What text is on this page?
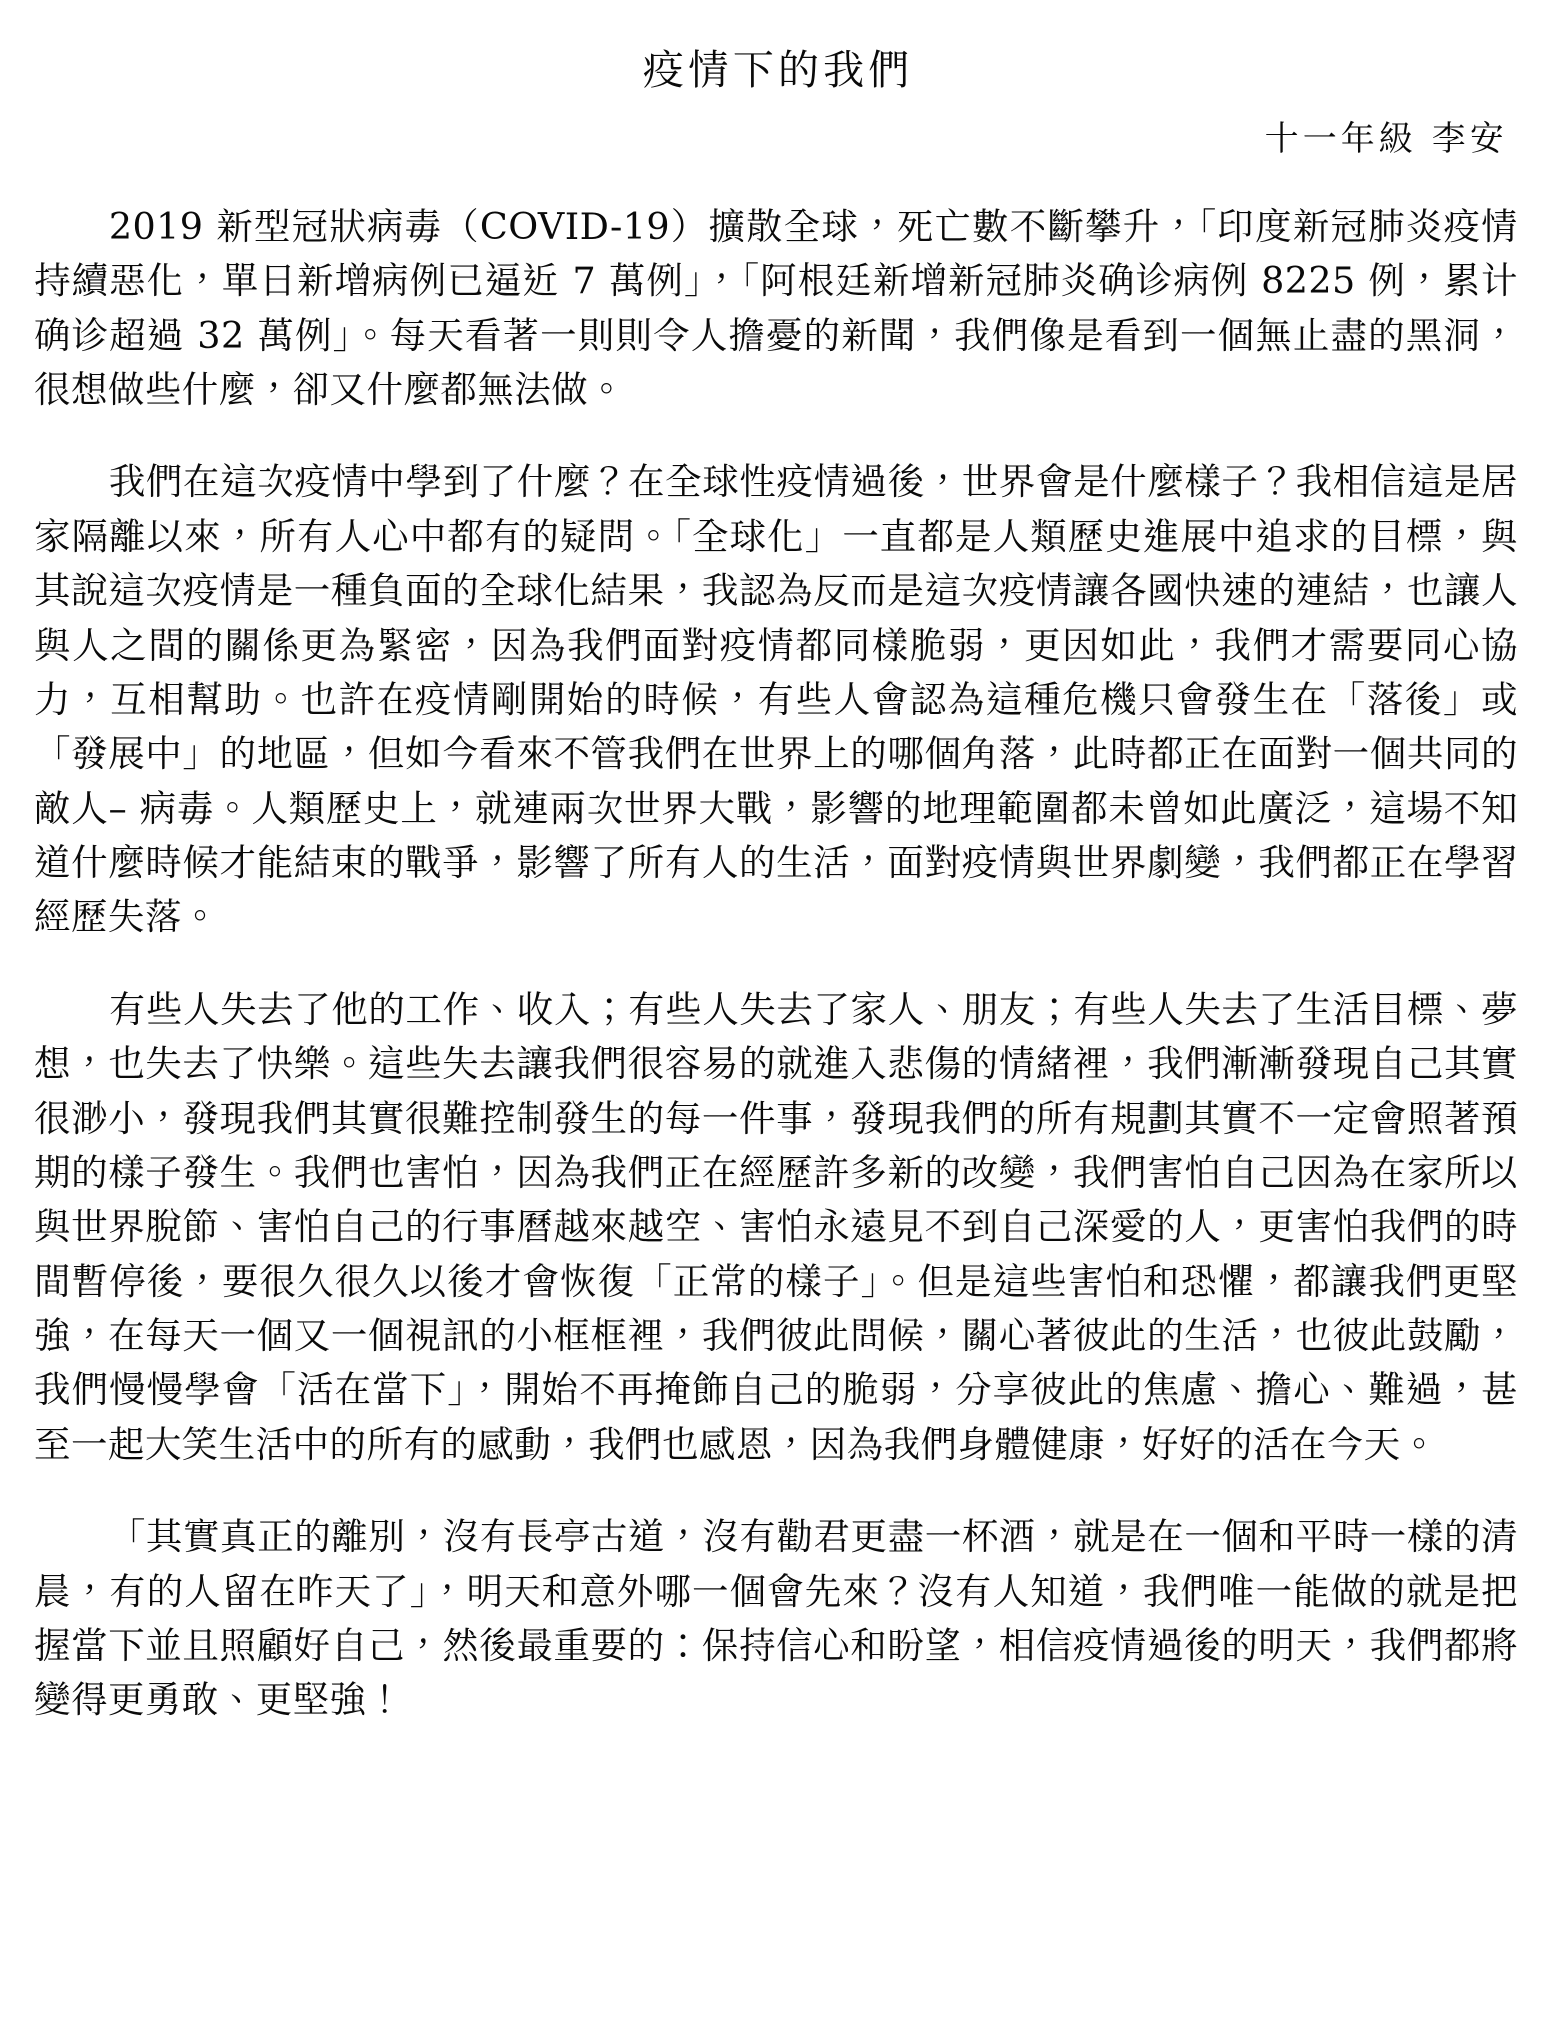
疫情下的我們
十一年級 李安

2019 新型冠狀病毒（COVID-19）擴散全球，死亡數不斷攀升，「印度新冠肺炎疫情持續惡化，單日新增病例已逼近 7 萬例」，「阿根廷新增新冠肺炎确诊病例 8225 例，累计确诊超過 32 萬例」。每天看著一則則令人擔憂的新聞，我們像是看到一個無止盡的黑洞，很想做些什麼，卻又什麼都無法做。

我們在這次疫情中學到了什麼？在全球性疫情過後，世界會是什麼樣子？我相信這是居家隔離以來，所有人心中都有的疑問。「全球化」一直都是人類歷史進展中追求的目標，與其說這次疫情是一種負面的全球化結果，我認為反而是這次疫情讓各國快速的連結，也讓人與人之間的關係更為緊密，因為我們面對疫情都同樣脆弱，更因如此，我們才需要同心協力，互相幫助。也許在疫情剛開始的時候，有些人會認為這種危機只會發生在「落後」或「發展中」的地區，但如今看來不管我們在世界上的哪個角落，此時都正在面對一個共同的敵人– 病毒。人類歷史上，就連兩次世界大戰，影響的地理範圍都未曾如此廣泛，這場不知道什麼時候才能結束的戰爭，影響了所有人的生活，面對疫情與世界劇變，我們都正在學習經歷失落。

有些人失去了他的工作、收入；有些人失去了家人、朋友；有些人失去了生活目標、夢想，也失去了快樂。這些失去讓我們很容易的就進入悲傷的情緒裡，我們漸漸發現自己其實很渺小，發現我們其實很難控制發生的每一件事，發現我們的所有規劃其實不一定會照著預期的樣子發生。我們也害怕，因為我們正在經歷許多新的改變，我們害怕自己因為在家所以與世界脫節、害怕自己的行事曆越來越空、害怕永遠見不到自己深愛的人，更害怕我們的時間暫停後，要很久很久以後才會恢復「正常的樣子」。但是這些害怕和恐懼，都讓我們更堅強，在每天一個又一個視訊的小框框裡，我們彼此問候，關心著彼此的生活，也彼此鼓勵，我們慢慢學會「活在當下」，開始不再掩飾自己的脆弱，分享彼此的焦慮、擔心、難過，甚至一起大笑生活中的所有的感動，我們也感恩，因為我們身體健康，好好的活在今天。

「其實真正的離別，沒有長亭古道，沒有勸君更盡一杯酒，就是在一個和平時一樣的清晨，有的人留在昨天了」，明天和意外哪一個會先來？沒有人知道，我們唯一能做的就是把握當下並且照顧好自己，然後最重要的：保持信心和盼望，相信疫情過後的明天，我們都將變得更勇敢、更堅強！
